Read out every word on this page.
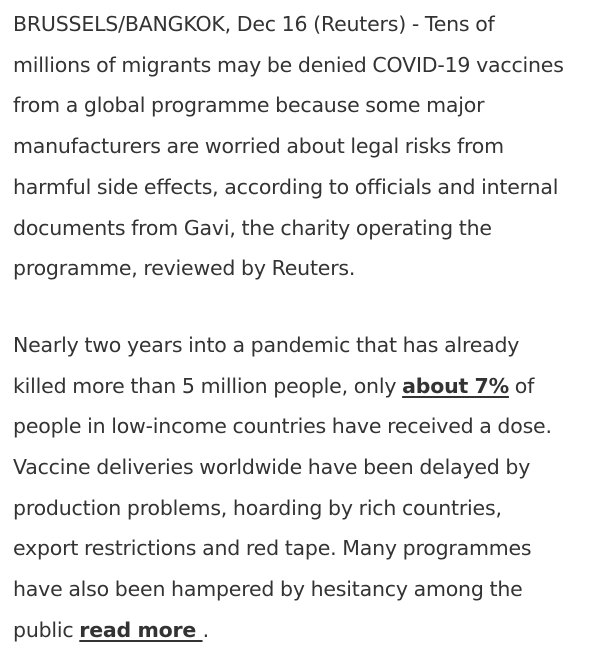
BRUSSELS/BANGKOK, Dec 16 (Reuters) - Tens of
millions of migrants may be denied COVID-19 vaccines
from a global programme because some major
manufacturers are worried about legal risks from
harmful side effects, according to officials and internal
documents from Gavi, the charity operating the
programme, reviewed by Reuters.

Nearly two years into a pandemic that has already
killed more than 5 million people, only about 7% of
people in low-income countries have received a dose.
Vaccine deliveries worldwide have been delayed by
production problems, hoarding by rich countries,
export restrictions and red tape. Many programmes
have also been hampered by hesitancy among the
public read more .
